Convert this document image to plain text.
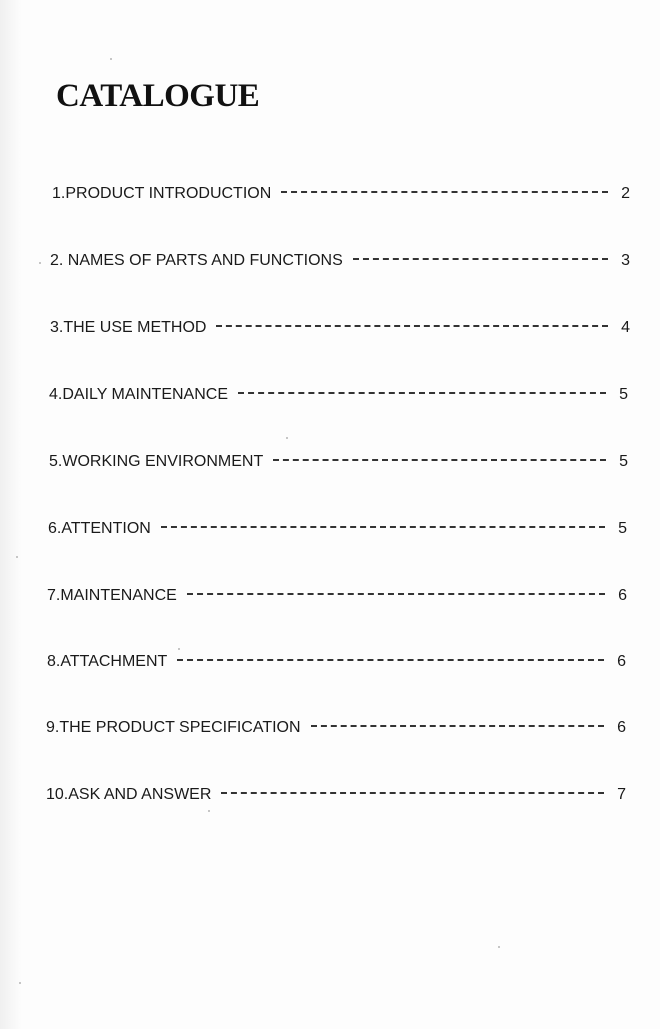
CATALOGUE
1.PRODUCT INTRODUCTION	2
2. NAMES OF PARTS AND FUNCTIONS	3
3.THE USE METHOD	4
4.DAILY MAINTENANCE	5
5.WORKING ENVIRONMENT	5
6.ATTENTION	5
7.MAINTENANCE	6
8.ATTACHMENT	6
9.THE PRODUCT SPECIFICATION	6
10.ASK AND ANSWER	7
